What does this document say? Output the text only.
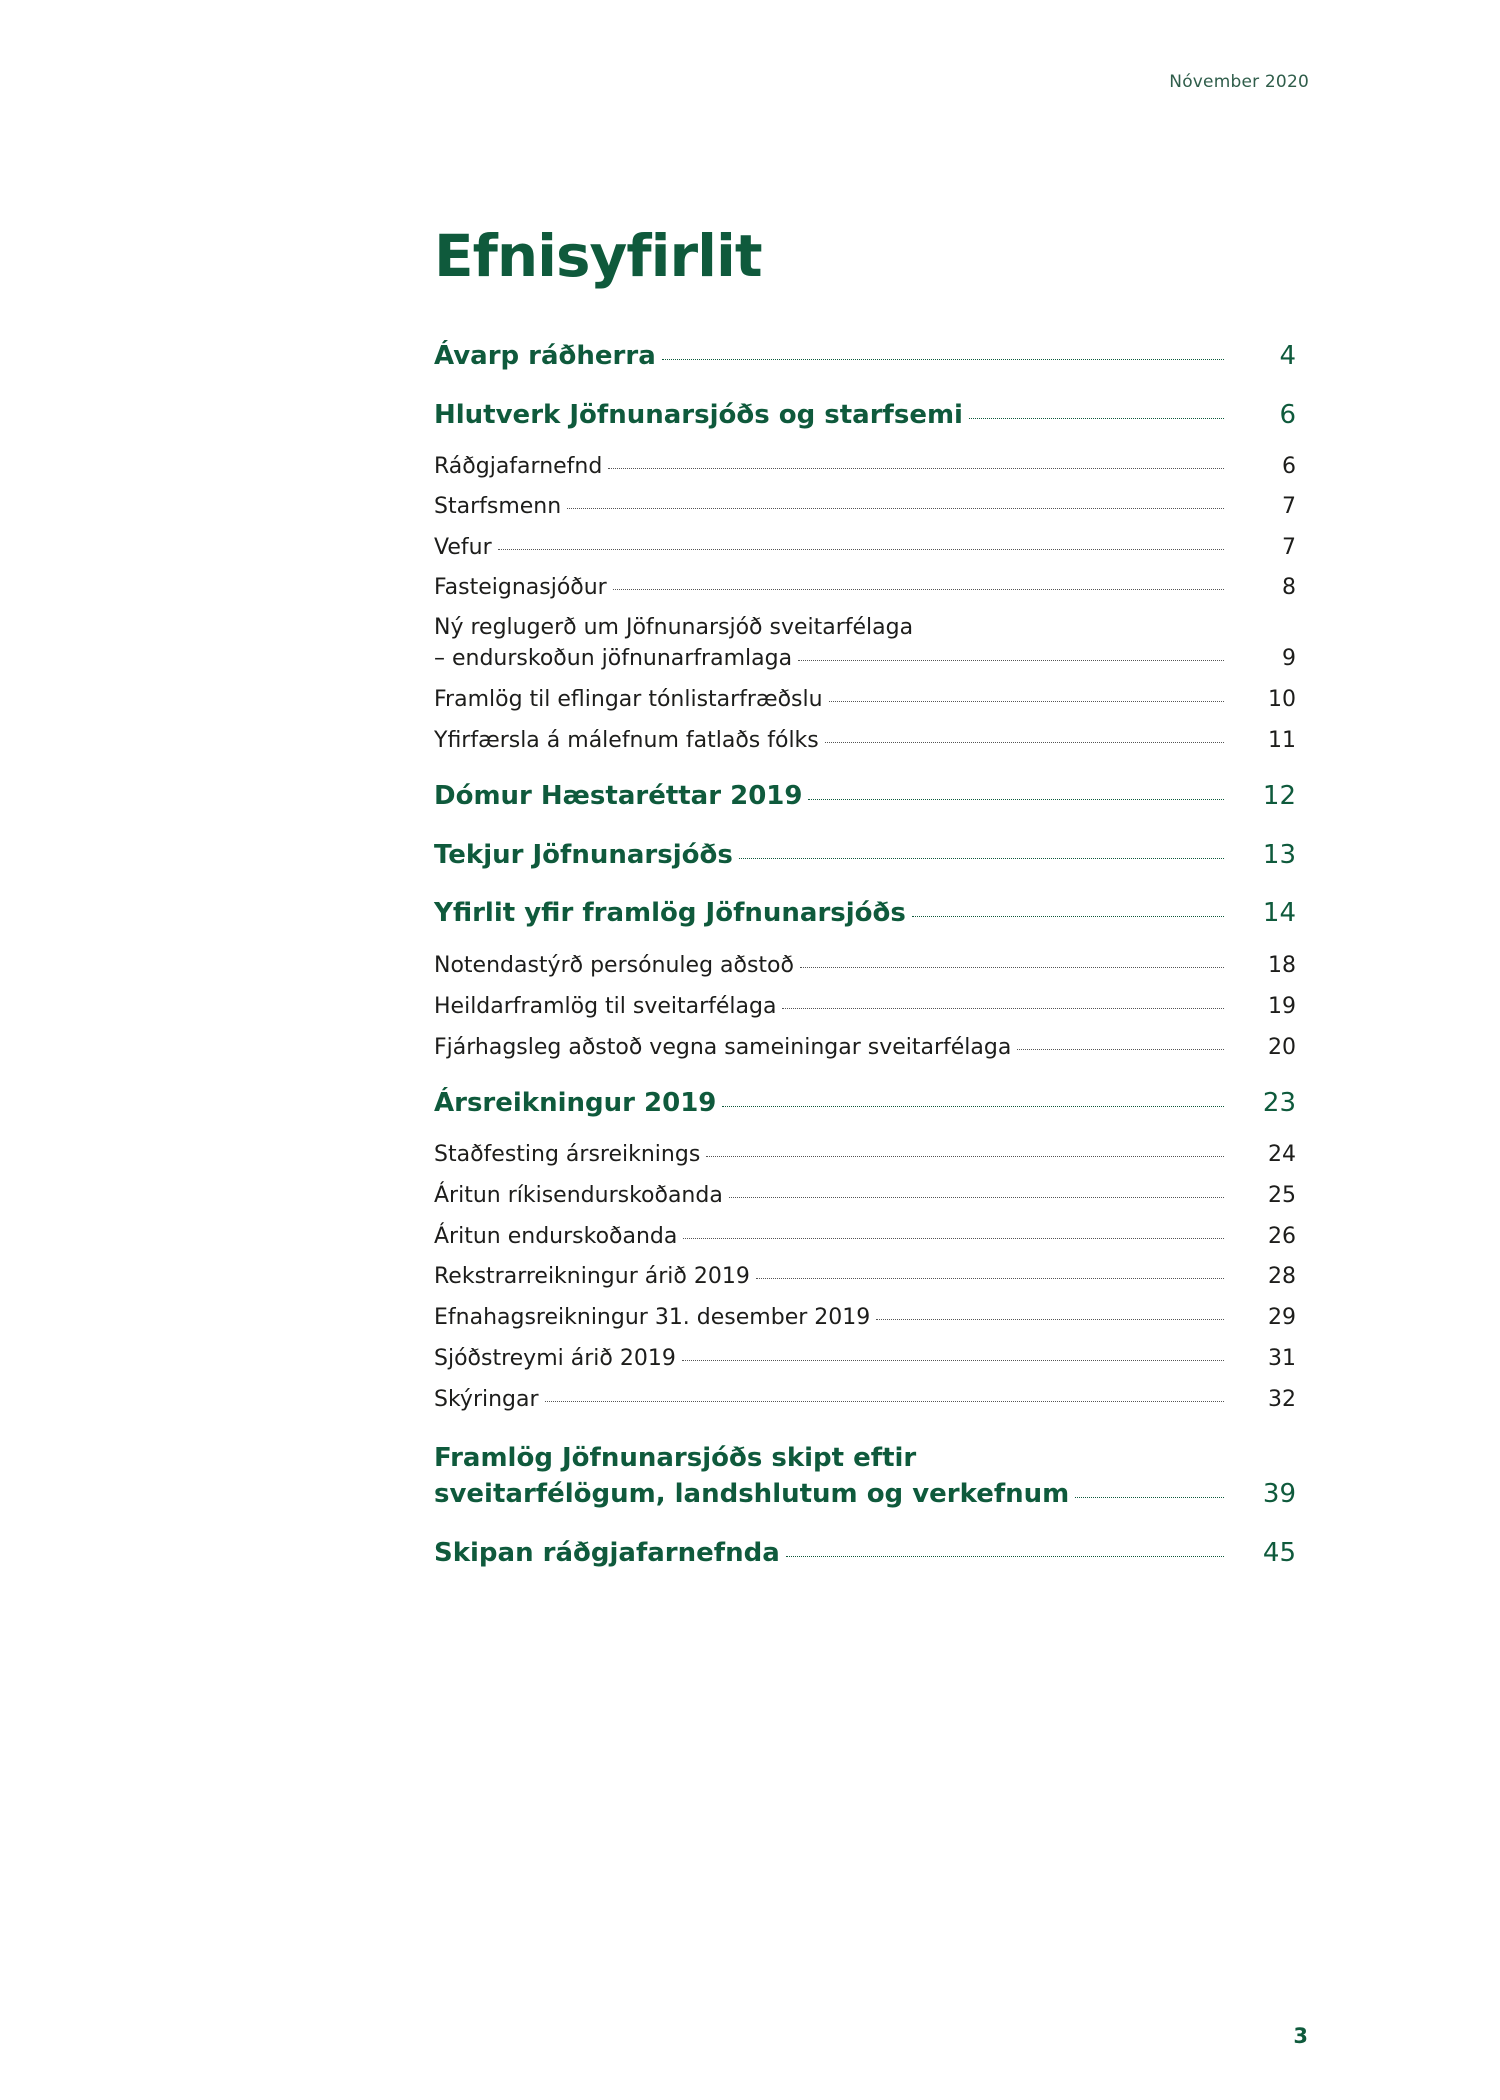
Nóvember 2020
Efnisyfirlit
Ávarp ráðherra	4
Hlutverk Jöfnunarsjóðs og starfsemi	6
Ráðgjafarnefnd	6
Starfsmenn	7
Vefur	7
Fasteignasjóður	8
Ný reglugerð um Jöfnunarsjóð sveitarfélaga
– endurskoðun jöfnunarframlaga	9
Framlög til eflingar tónlistarfræðslu	10
Yfirfærsla á málefnum fatlaðs fólks	11
Dómur Hæstaréttar 2019	12
Tekjur Jöfnunarsjóðs	13
Yfirlit yfir framlög Jöfnunarsjóðs	14
Notendastýrð persónuleg aðstoð	18
Heildarframlög til sveitarfélaga	19
Fjárhagsleg aðstoð vegna sameiningar sveitarfélaga	20
Ársreikningur 2019	23
Staðfesting ársreiknings	24
Áritun ríkisendurskoðanda	25
Áritun endurskoðanda	26
Rekstrarreikningur árið 2019	28
Efnahagsreikningur 31. desember 2019	29
Sjóðstreymi árið 2019	31
Skýringar	32
Framlög Jöfnunarsjóðs skipt eftir
sveitarfélögum, landshlutum og verkefnum	39
Skipan ráðgjafarnefnda	45
3
